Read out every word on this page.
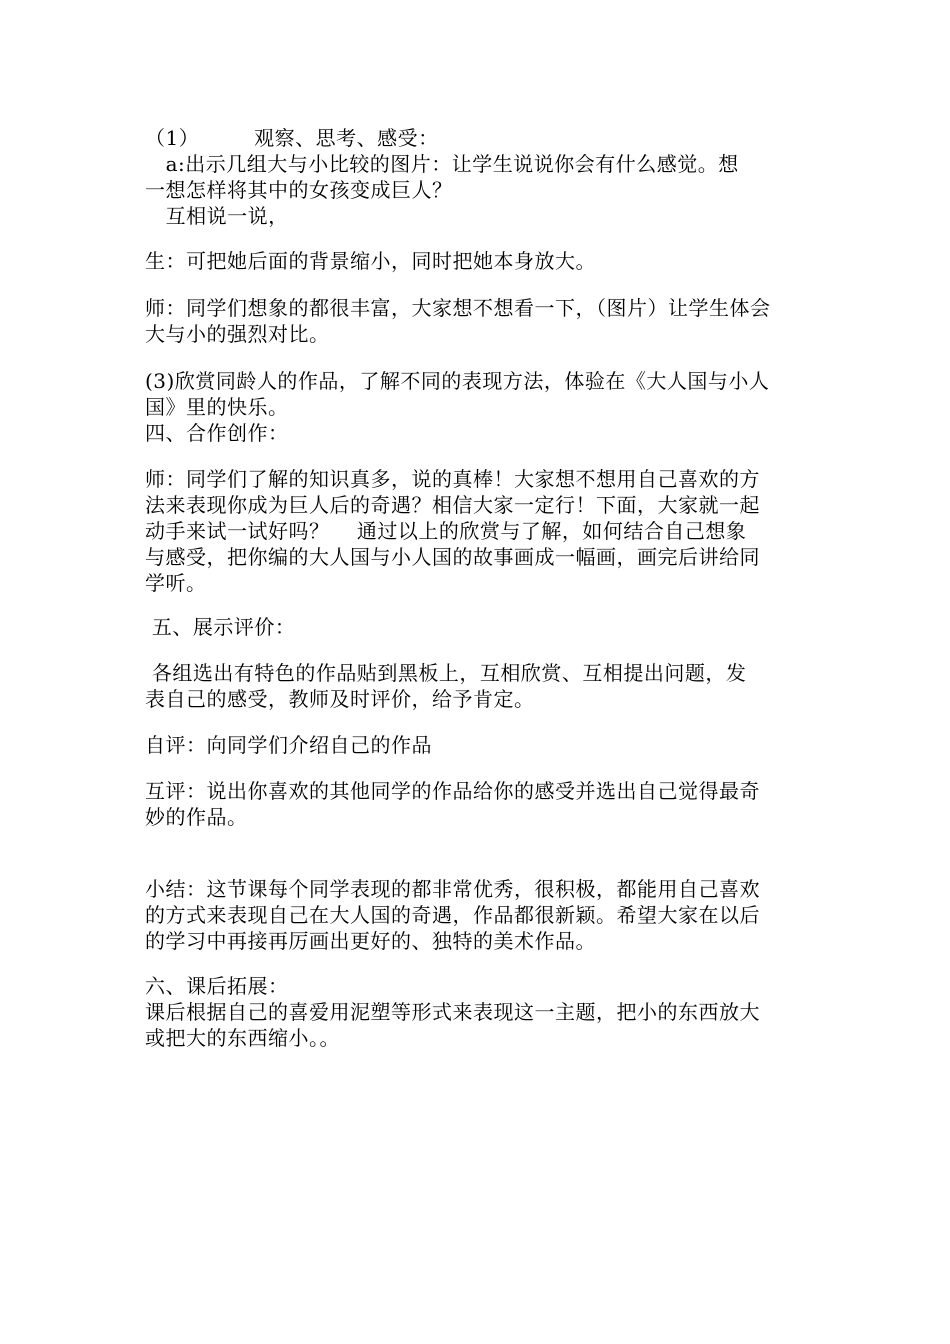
（1）        观察、思考、感受：
a:出示几组大与小比较的图片：让学生说说你会有什么感觉。想
一想怎样将其中的女孩变成巨人？
互相说一说，
生：可把她后面的背景缩小，同时把她本身放大。
师：同学们想象的都很丰富，大家想不想看一下，（图片）让学生体会
大与小的强烈对比。
(3)欣赏同龄人的作品，了解不同的表现方法，体验在《大人国与小人
国》里的快乐。
四、合作创作：
师：同学们了解的知识真多，说的真棒！大家想不想用自己喜欢的方
法来表现你成为巨人后的奇遇？相信大家一定行！下面，大家就一起
动手来试一试好吗？    通过以上的欣赏与了解，如何结合自己想象
与感受，把你编的大人国与小人国的故事画成一幅画，画完后讲给同
学听。
五、展示评价：
各组选出有特色的作品贴到黑板上，互相欣赏、互相提出问题，发
表自己的感受，教师及时评价，给予肯定。
自评：向同学们介绍自己的作品
互评：说出你喜欢的其他同学的作品给你的感受并选出自己觉得最奇
妙的作品。
小结：这节课每个同学表现的都非常优秀，很积极，都能用自己喜欢
的方式来表现自己在大人国的奇遇，作品都很新颖。希望大家在以后
的学习中再接再厉画出更好的、独特的美术作品。
六、课后拓展：
课后根据自己的喜爱用泥塑等形式来表现这一主题，把小的东西放大
或把大的东西缩小。。
